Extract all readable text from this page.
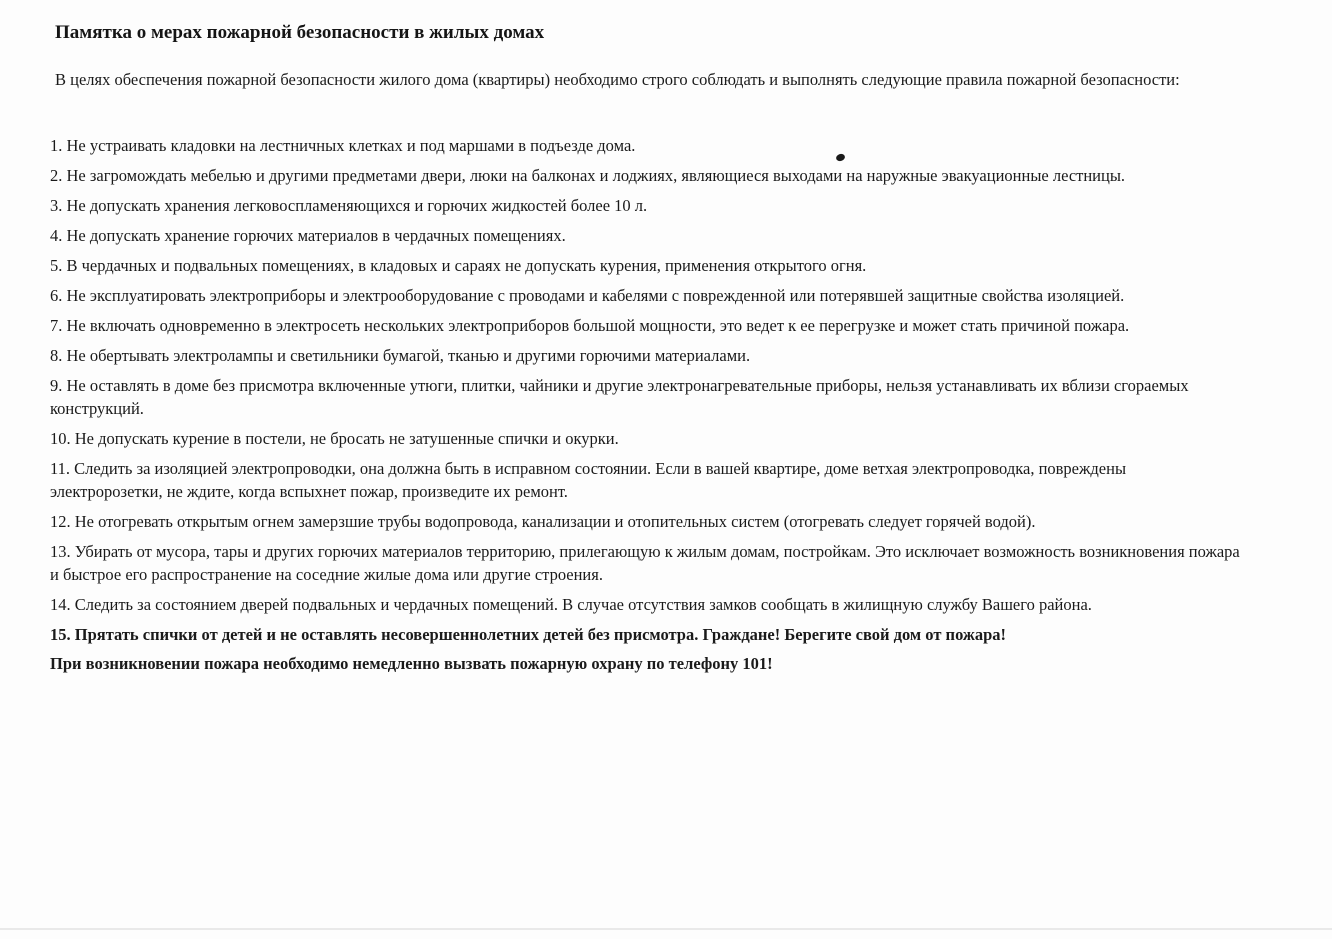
Памятка о мерах пожарной безопасности в жилых домах
В целях обеспечения пожарной безопасности жилого дома (квартиры) необходимо строго соблюдать и выполнять следующие правила пожарной безопасности:

1. Не устраивать кладовки на лестничных клетках и под маршами в подъезде дома.

2. Не загромождать мебелью и другими предметами двери, люки на балконах и лоджиях, являющиеся выходами на наружные эвакуационные лестницы.

3. Не допускать хранения легковоспламеняющихся и горючих жидкостей более 10 л.

4. Не допускать хранение горючих материалов в чердачных помещениях.

5. В чердачных и подвальных помещениях, в кладовых и сараях не допускать курения, применения открытого огня.

6. Не эксплуатировать электроприборы и электрооборудование с проводами и кабелями с поврежденной или потерявшей защитные свойства изоляцией.

7. Не включать одновременно в электросеть нескольких электроприборов большой мощности, это ведет к ее перегрузке и может стать причиной пожара.

8. Не обертывать электролампы и светильники бумагой, тканью и другими горючими материалами.

9. Не оставлять в доме без присмотра включенные утюги, плитки, чайники и другие электронагревательные приборы, нельзя устанавливать их вблизи сгораемых конструкций.

10. Не допускать курение в постели, не бросать не затушенные спички и окурки.

11. Следить за изоляцией электропроводки, она должна быть в исправном состоянии. Если в вашей квартире, доме ветхая электропроводка, повреждены электророзетки, не ждите, когда вспыхнет пожар, произведите их ремонт.

12. Не отогревать открытым огнем замерзшие трубы водопровода, канализации и отопительных систем (отогревать следует горячей водой).

13. Убирать от мусора, тары и других горючих материалов территорию, прилегающую к жилым домам, постройкам. Это исключает возможность возникновения пожара и быстрое его распространение на соседние жилые дома или другие строения.

14. Следить за состоянием дверей подвальных и чердачных помещений. В случае отсутствия замков сообщать в жилищную службу Вашего района.

15. Прятать спички от детей и не оставлять несовершеннолетних детей без присмотра. Граждане! Берегите свой дом от пожара!

При возникновении пожара необходимо немедленно вызвать пожарную охрану по телефону 101!
